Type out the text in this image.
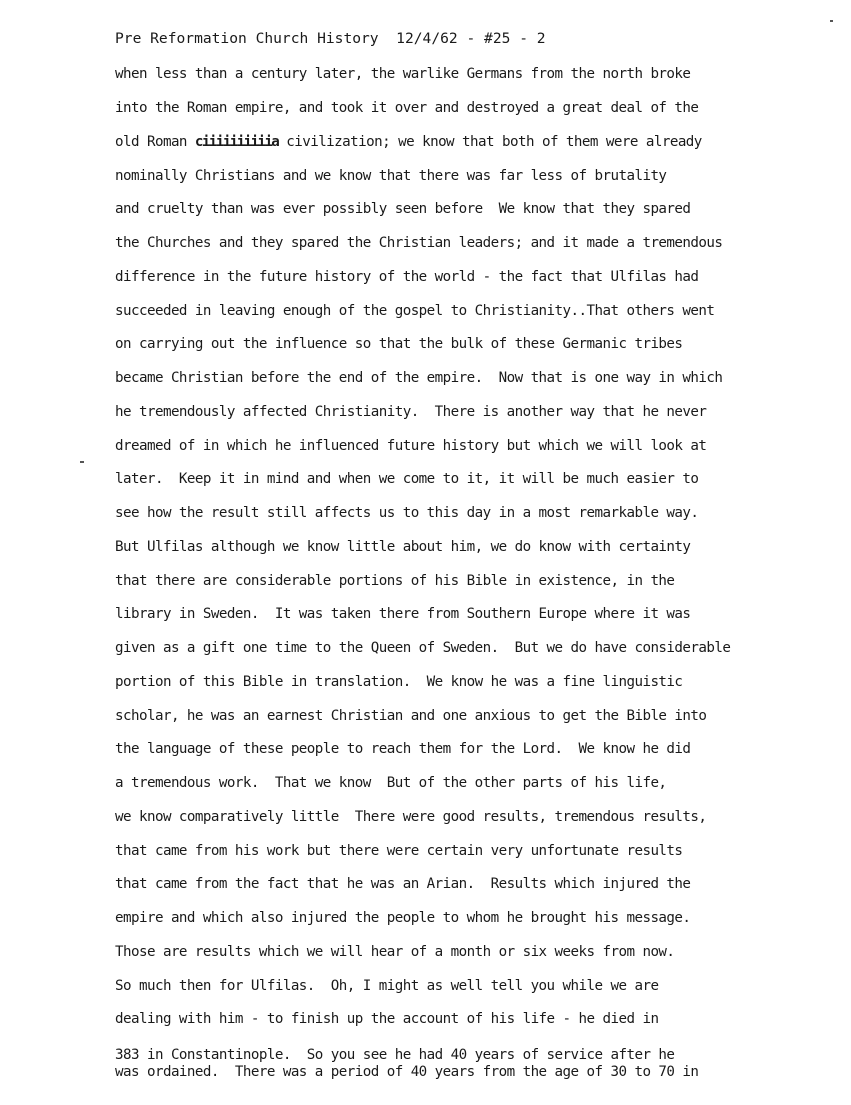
Pre Reformation Church History 12/4/62 - #25 - 2
when less than a century later, the warlike Germans from the north broke
into the Roman empire, and took it over and destroyed a great deal of the
old Roman ciiiiiiiiiia civilization; we know that both of them were already
nominally Christians and we know that there was far less of brutality
and cruelty than was ever possibly seen before  We know that they spared
the Churches and they spared the Christian leaders; and it made a tremendous
difference in the future history of the world - the fact that Ulfilas had
succeeded in leaving enough of the gospel to Christianity..That others went
on carrying out the influence so that the bulk of these Germanic tribes
became Christian before the end of the empire.  Now that is one way in which
he tremendously affected Christianity.  There is another way that he never
dreamed of in which he influenced future history but which we will look at
later.  Keep it in mind and when we come to it, it will be much easier to
see how the result still affects us to this day in a most remarkable way.
But Ulfilas although we know little about him, we do know with certainty
that there are considerable portions of his Bible in existence, in the
library in Sweden.  It was taken there from Southern Europe where it was
given as a gift one time to the Queen of Sweden.  But we do have considerable
portion of this Bible in translation.  We know he was a fine linguistic
scholar, he was an earnest Christian and one anxious to get the Bible into
the language of these people to reach them for the Lord.  We know he did
a tremendous work.  That we know  But of the other parts of his life,
we know comparatively little  There were good results, tremendous results,
that came from his work but there were certain very unfortunate results
that came from the fact that he was an Arian.  Results which injured the
empire and which also injured the people to whom he brought his message.
Those are results which we will hear of a month or six weeks from now.
So much then for Ulfilas.  Oh, I might as well tell you while we are
dealing with him - to finish up the account of his life - he died in
383 in Constantinople.  So you see he had 40 years of service after he
was ordained.  There was a period of 40 years from the age of 30 to 70 in
